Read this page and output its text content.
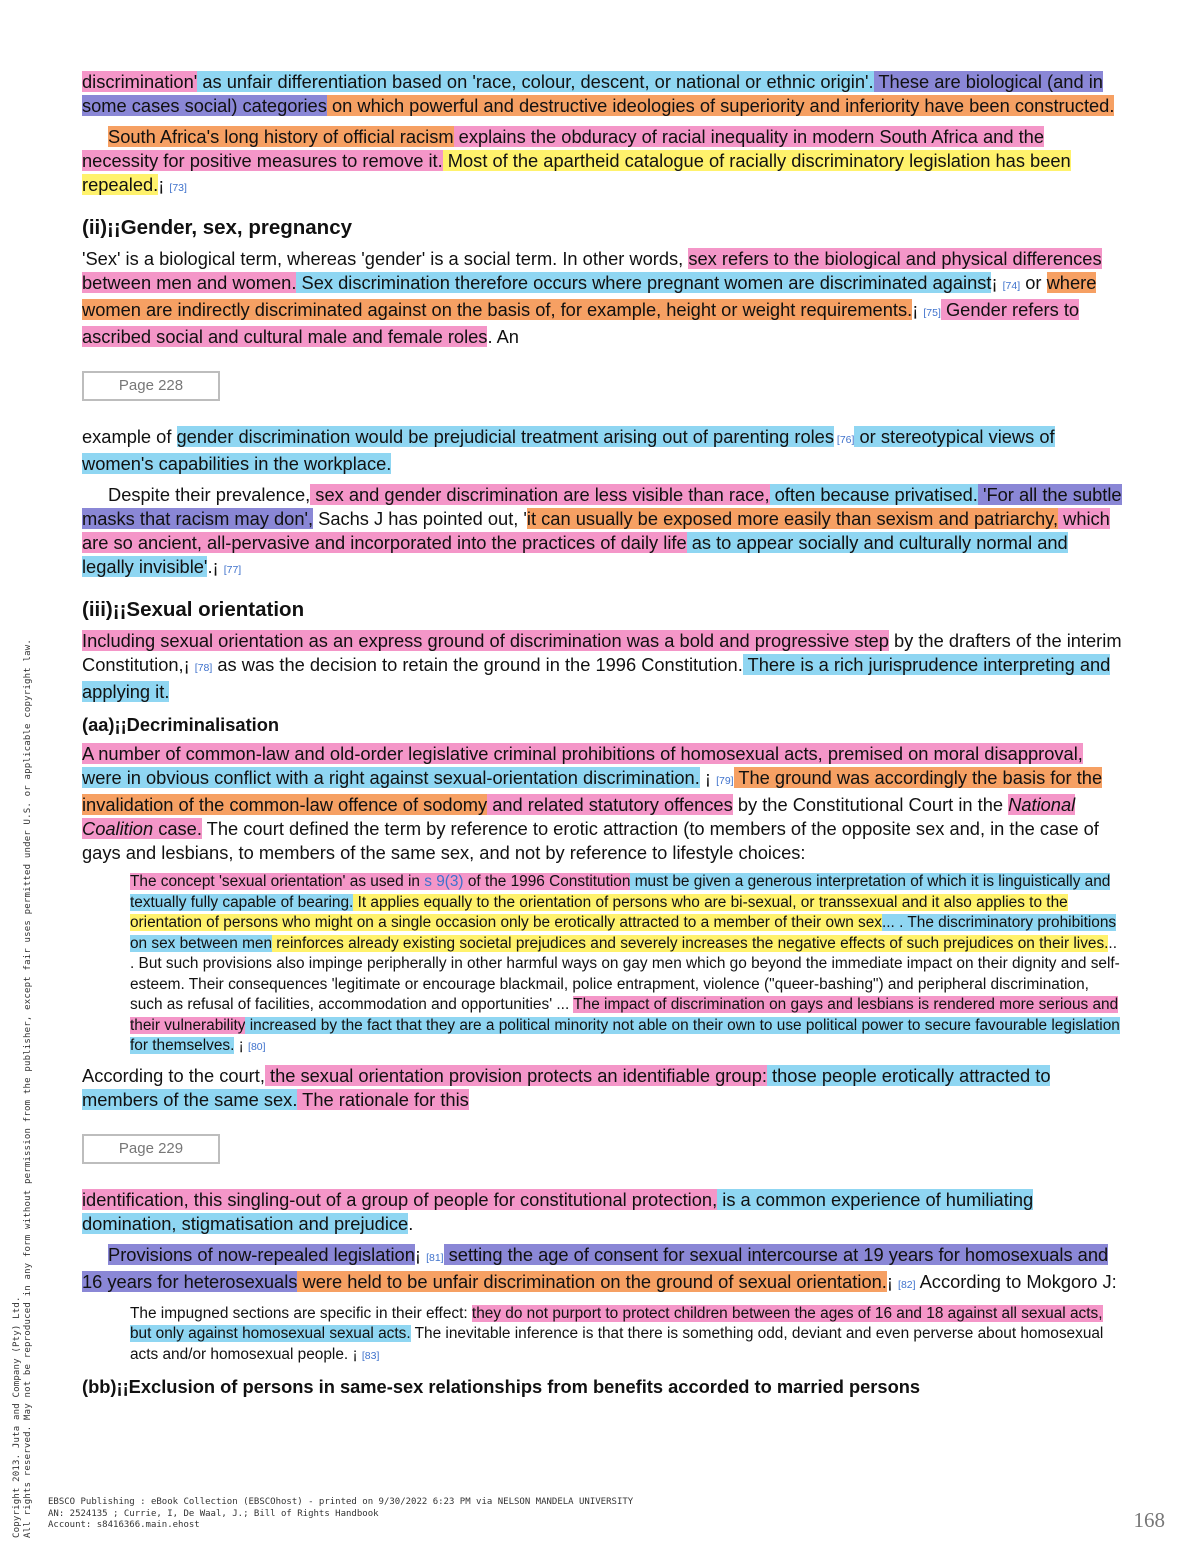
discrimination' as unfair differentiation based on 'race, colour, descent, or national or ethnic origin'. These are biological (and in some cases social) categories on which powerful and destructive ideologies of superiority and inferiority have been constructed.

South Africa's long history of official racism explains the obduracy of racial inequality in modern South Africa and the necessity for positive measures to remove it. Most of the apartheid catalogue of racially discriminatory legislation has been repealed.¡ [73]

(ii)¡¡Gender, sex, pregnancy

'Sex' is a biological term, whereas 'gender' is a social term. In other words, sex refers to the biological and physical differences between men and women. Sex discrimination therefore occurs where pregnant women are discriminated against¡ [74] or where women are indirectly discriminated against on the basis of, for example, height or weight requirements.¡ [75] Gender refers to ascribed social and cultural male and female roles. An

Page 228

example of gender discrimination would be prejudicial treatment arising out of parenting roles [76] or stereotypical views of women's capabilities in the workplace.

Despite their prevalence, sex and gender discrimination are less visible than race, often because privatised. 'For all the subtle masks that racism may don', Sachs J has pointed out, 'it can usually be exposed more easily than sexism and patriarchy, which are so ancient, all-pervasive and incorporated into the practices of daily life as to appear socially and culturally normal and legally invisible'.¡ [77]

(iii)¡¡Sexual orientation

Including sexual orientation as an express ground of discrimination was a bold and progressive step by the drafters of the interim Constitution,¡ [78] as was the decision to retain the ground in the 1996 Constitution. There is a rich jurisprudence interpreting and applying it.

(aa)¡¡Decriminalisation

A number of common-law and old-order legislative criminal prohibitions of homosexual acts, premised on moral disapproval, were in obvious conflict with a right against sexual-orientation discrimination. ¡ [79] The ground was accordingly the basis for the invalidation of the common-law offence of sodomy and related statutory offences by the Constitutional Court in the National Coalition case. The court defined the term by reference to erotic attraction (to members of the opposite sex and, in the case of gays and lesbians, to members of the same sex, and not by reference to lifestyle choices:

The concept 'sexual orientation' as used in s 9(3) of the 1996 Constitution must be given a generous interpretation of which it is linguistically and textually fully capable of bearing. It applies equally to the orientation of persons who are bi-sexual, or transsexual and it also applies to the orientation of persons who might on a single occasion only be erotically attracted to a member of their own sex... . The discriminatory prohibitions on sex between men reinforces already existing societal prejudices and severely increases the negative effects of such prejudices on their lives... . But such provisions also impinge peripherally in other harmful ways on gay men which go beyond the immediate impact on their dignity and self-esteem. Their consequences 'legitimate or encourage blackmail, police entrapment, violence ("queer-bashing") and peripheral discrimination, such as refusal of facilities, accommodation and opportunities' ... The impact of discrimination on gays and lesbians is rendered more serious and their vulnerability increased by the fact that they are a political minority not able on their own to use political power to secure favourable legislation for themselves. ¡ [80]

According to the court, the sexual orientation provision protects an identifiable group: those people erotically attracted to members of the same sex. The rationale for this

Page 229

identification, this singling-out of a group of people for constitutional protection, is a common experience of humiliating domination, stigmatisation and prejudice.

Provisions of now-repealed legislation¡ [81] setting the age of consent for sexual intercourse at 19 years for homosexuals and 16 years for heterosexuals were held to be unfair discrimination on the ground of sexual orientation.¡ [82] According to Mokgoro J:

The impugned sections are specific in their effect: they do not purport to protect children between the ages of 16 and 18 against all sexual acts, but only against homosexual sexual acts. The inevitable inference is that there is something odd, deviant and even perverse about homosexual acts and/or homosexual people. ¡ [83]

(bb)¡¡Exclusion of persons in same-sex relationships from benefits accorded to married persons
Copyright 2013. Juta and Company (Pty) Ltd. All rights reserved. May not be reproduced in any form without permission from the publisher, except fair uses permitted under U.S. or applicable copyright law. EBSCO Publishing : eBook Collection (EBSCOhost) - printed on 9/30/2022 6:23 PM via NELSON MANDELA UNIVERSITY
AN: 2524135 ; Currie, I, De Waal, J.; Bill of Rights Handbook
Account: s8416366.main.ehost	168
